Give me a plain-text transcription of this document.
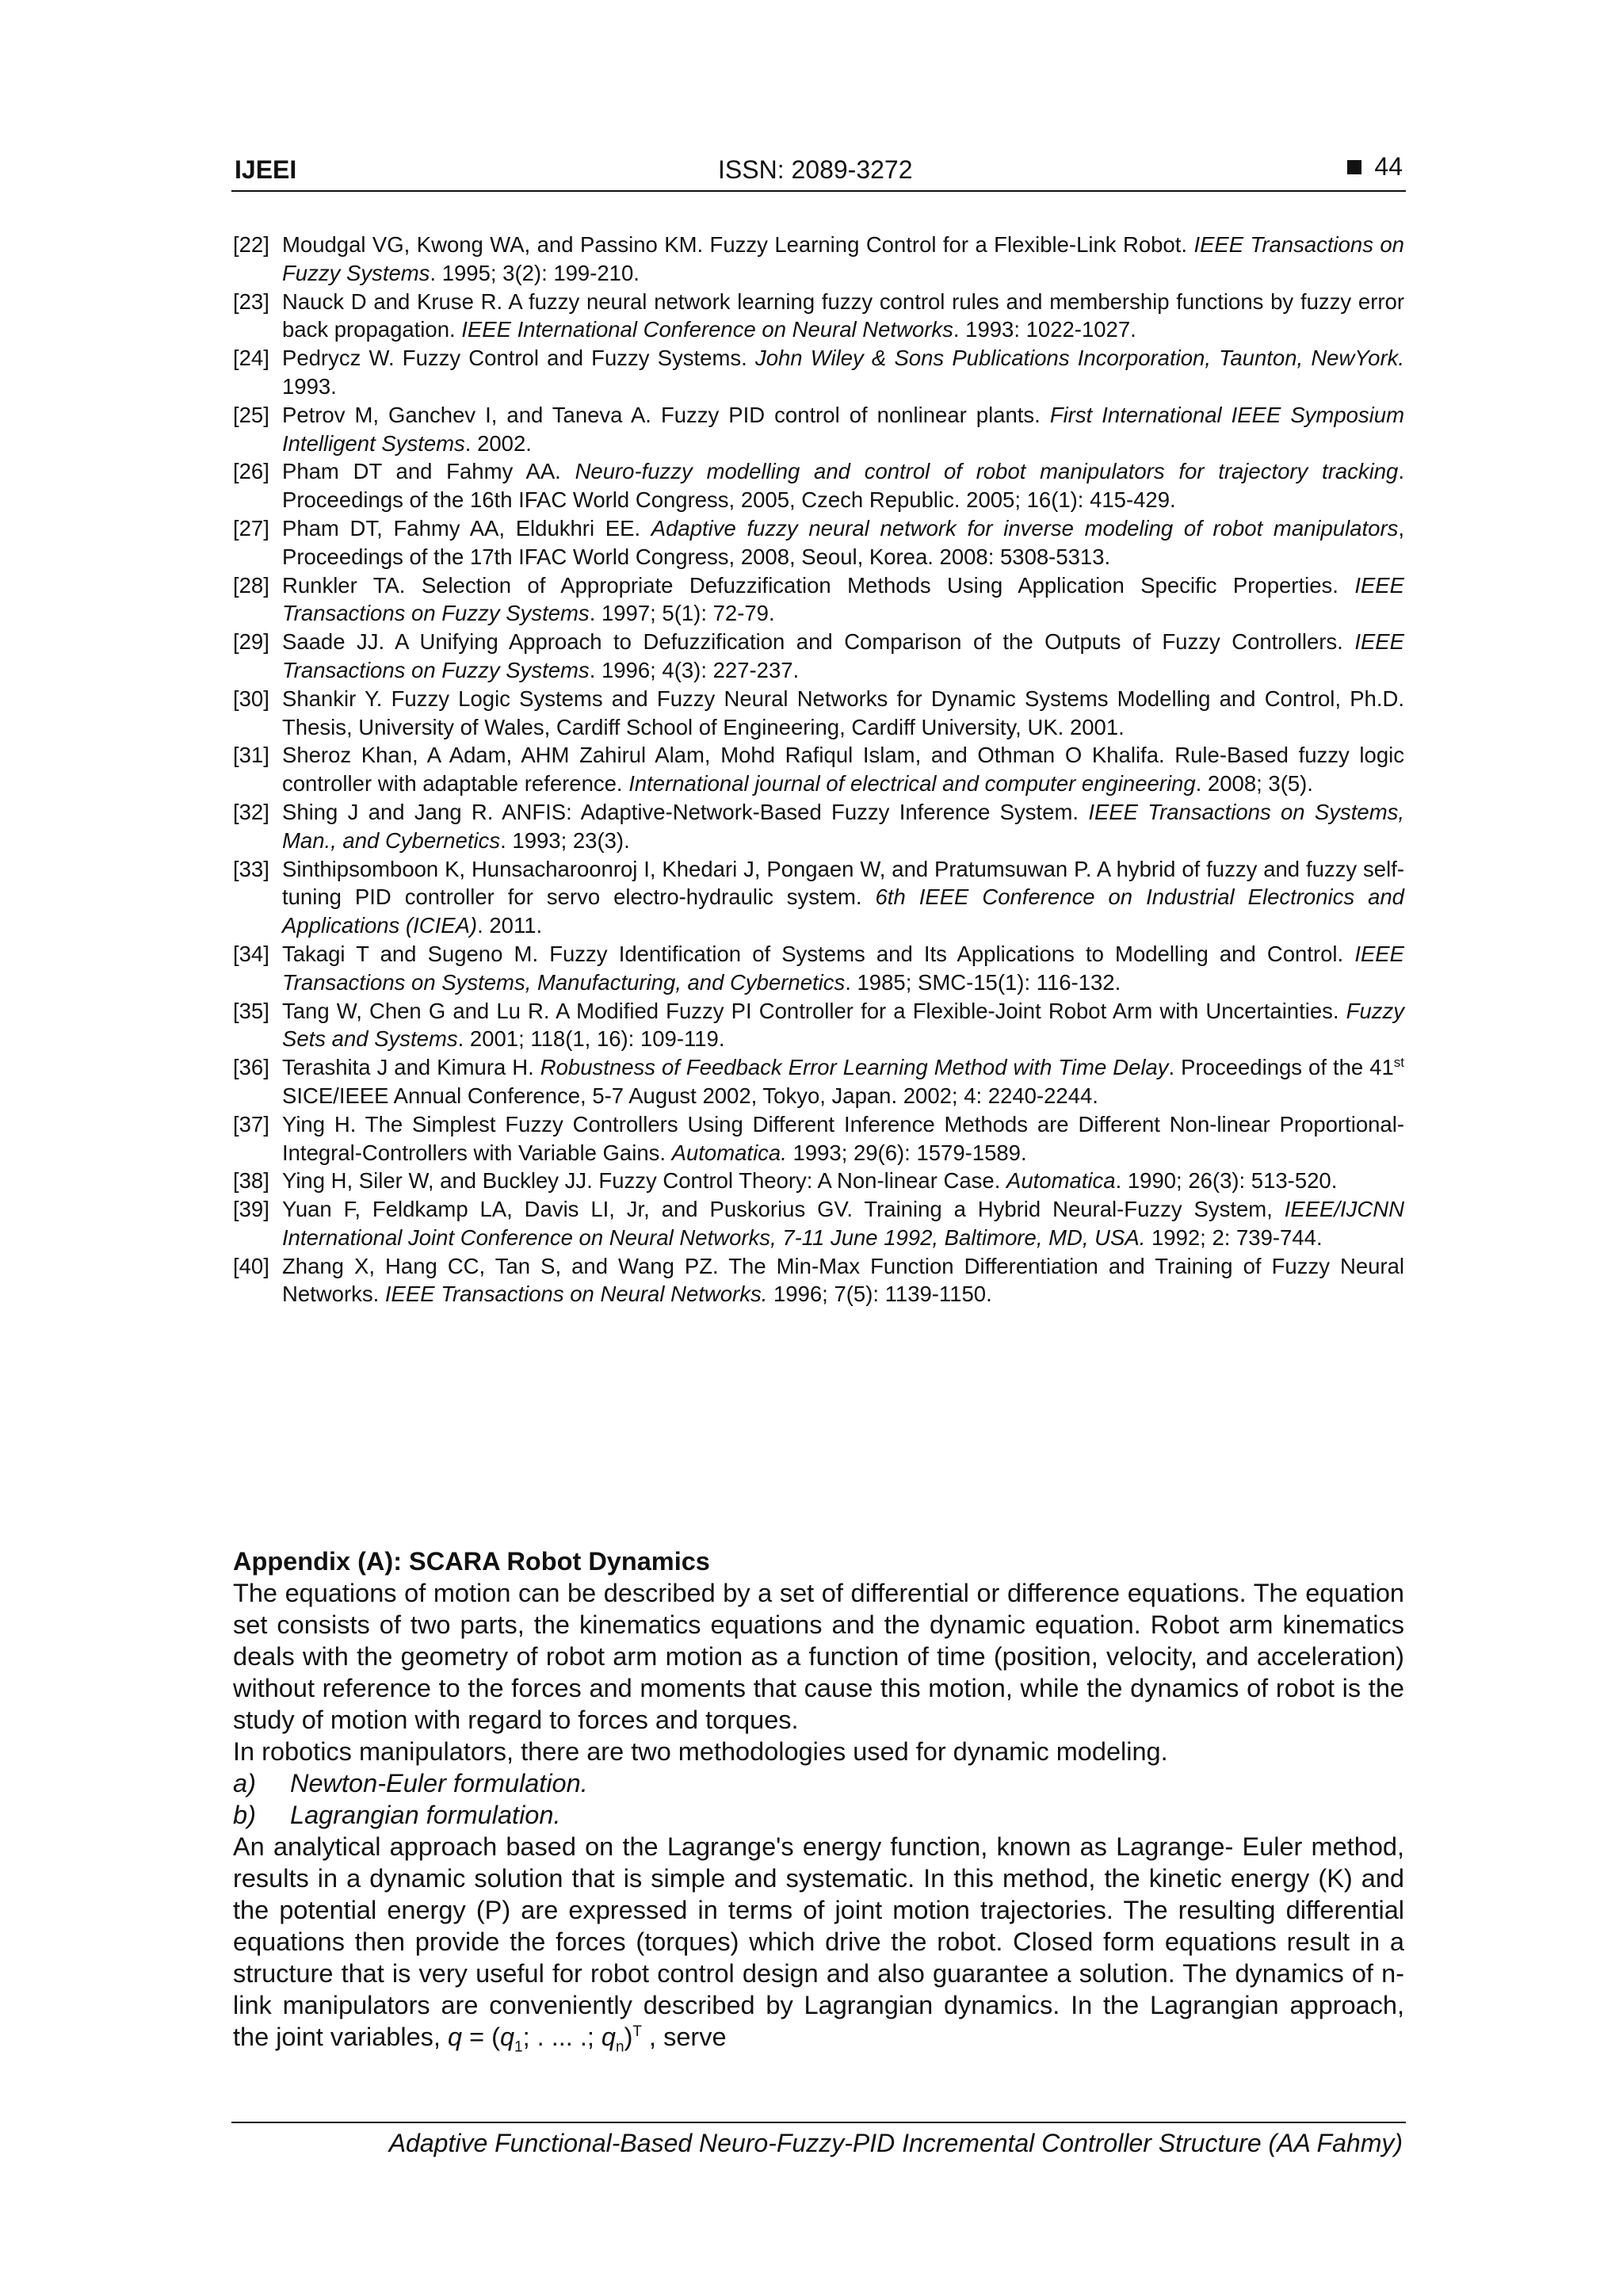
IJEEI	ISSN: 2089-3272	44
[22] Moudgal VG, Kwong WA, and Passino KM. Fuzzy Learning Control for a Flexible-Link Robot. IEEE Transactions on Fuzzy Systems. 1995; 3(2): 199-210.
[23] Nauck D and Kruse R. A fuzzy neural network learning fuzzy control rules and membership functions by fuzzy error back propagation. IEEE International Conference on Neural Networks. 1993: 1022-1027.
[24] Pedrycz W. Fuzzy Control and Fuzzy Systems. John Wiley & Sons Publications Incorporation, Taunton, NewYork. 1993.
[25] Petrov M, Ganchev I, and Taneva A. Fuzzy PID control of nonlinear plants. First International IEEE Symposium Intelligent Systems. 2002.
[26] Pham DT and Fahmy AA. Neuro-fuzzy modelling and control of robot manipulators for trajectory tracking. Proceedings of the 16th IFAC World Congress, 2005, Czech Republic. 2005; 16(1): 415-429.
[27] Pham DT, Fahmy AA, Eldukhri EE. Adaptive fuzzy neural network for inverse modeling of robot manipulators, Proceedings of the 17th IFAC World Congress, 2008, Seoul, Korea. 2008: 5308-5313.
[28] Runkler TA. Selection of Appropriate Defuzzification Methods Using Application Specific Properties. IEEE Transactions on Fuzzy Systems. 1997; 5(1): 72-79.
[29] Saade JJ. A Unifying Approach to Defuzzification and Comparison of the Outputs of Fuzzy Controllers. IEEE Transactions on Fuzzy Systems. 1996; 4(3): 227-237.
[30] Shankir Y. Fuzzy Logic Systems and Fuzzy Neural Networks for Dynamic Systems Modelling and Control, Ph.D. Thesis, University of Wales, Cardiff School of Engineering, Cardiff University, UK. 2001.
[31] Sheroz Khan, A Adam, AHM Zahirul Alam, Mohd Rafiqul Islam, and Othman O Khalifa. Rule-Based fuzzy logic controller with adaptable reference. International journal of electrical and computer engineering. 2008; 3(5).
[32] Shing J and Jang R. ANFIS: Adaptive-Network-Based Fuzzy Inference System. IEEE Transactions on Systems, Man., and Cybernetics. 1993; 23(3).
[33] Sinthipsomboon K, Hunsacharoonroj I, Khedari J, Pongaen W, and Pratumsuwan P. A hybrid of fuzzy and fuzzy self-tuning PID controller for servo electro-hydraulic system. 6th IEEE Conference on Industrial Electronics and Applications (ICIEA). 2011.
[34] Takagi T and Sugeno M. Fuzzy Identification of Systems and Its Applications to Modelling and Control. IEEE Transactions on Systems, Manufacturing, and Cybernetics. 1985; SMC-15(1): 116-132.
[35] Tang W, Chen G and Lu R. A Modified Fuzzy PI Controller for a Flexible-Joint Robot Arm with Uncertainties. Fuzzy Sets and Systems. 2001; 118(1, 16): 109-119.
[36] Terashita J and Kimura H. Robustness of Feedback Error Learning Method with Time Delay. Proceedings of the 41st SICE/IEEE Annual Conference, 5-7 August 2002, Tokyo, Japan. 2002; 4: 2240-2244.
[37] Ying H. The Simplest Fuzzy Controllers Using Different Inference Methods are Different Non-linear Proportional-Integral-Controllers with Variable Gains. Automatica. 1993; 29(6): 1579-1589.
[38] Ying H, Siler W, and Buckley JJ. Fuzzy Control Theory: A Non-linear Case. Automatica. 1990; 26(3): 513-520.
[39] Yuan F, Feldkamp LA, Davis LI, Jr, and Puskorius GV. Training a Hybrid Neural-Fuzzy System, IEEE/IJCNN International Joint Conference on Neural Networks, 7-11 June 1992, Baltimore, MD, USA. 1992; 2: 739-744.
[40] Zhang X, Hang CC, Tan S, and Wang PZ. The Min-Max Function Differentiation and Training of Fuzzy Neural Networks. IEEE Transactions on Neural Networks. 1996; 7(5): 1139-1150.

Appendix (A): SCARA Robot Dynamics

The equations of motion can be described by a set of differential or difference equations. The equation set consists of two parts, the kinematics equations and the dynamic equation. Robot arm kinematics deals with the geometry of robot arm motion as a function of time (position, velocity, and acceleration) without reference to the forces and moments that cause this motion, while the dynamics of robot is the study of motion with regard to forces and torques.

In robotics manipulators, there are two methodologies used for dynamic modeling.

a) Newton-Euler formulation.
b) Lagrangian formulation.

An analytical approach based on the Lagrange's energy function, known as Lagrange- Euler method, results in a dynamic solution that is simple and systematic. In this method, the kinetic energy (K) and the potential energy (P) are expressed in terms of joint motion trajectories. The resulting differential equations then provide the forces (torques) which drive the robot. Closed form equations result in a structure that is very useful for robot control design and also guarantee a solution. The dynamics of n-link manipulators are conveniently described by Lagrangian dynamics. In the Lagrangian approach, the joint variables, $q = (q_1$; . ... .; $q_n)^T$ , serve

Adaptive Functional-Based Neuro-Fuzzy-PID Incremental Controller Structure (AA Fahmy)
